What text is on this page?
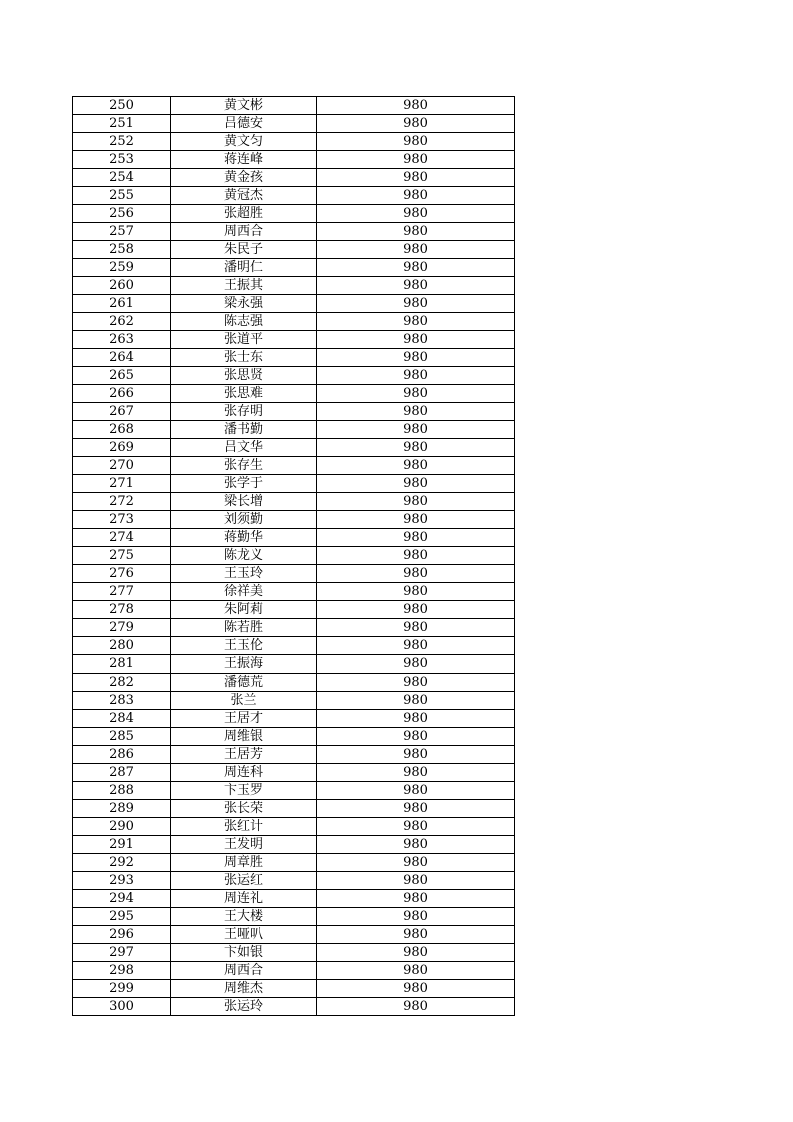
250	黄文彬	980
251	吕德安	980
252	黄文匀	980
253	蒋连峰	980
254	黄金孩	980
255	黄冠杰	980
256	张超胜	980
257	周西合	980
258	朱民子	980
259	潘明仁	980
260	王振其	980
261	梁永强	980
262	陈志强	980
263	张道平	980
264	张士东	980
265	张思贤	980
266	张思难	980
267	张存明	980
268	潘书勤	980
269	吕文华	980
270	张存生	980
271	张学于	980
272	梁长增	980
273	刘须勤	980
274	蒋勤华	980
275	陈龙义	980
276	王玉玲	980
277	徐祥美	980
278	朱阿莉	980
279	陈若胜	980
280	王玉伦	980
281	王振海	980
282	潘德荒	980
283	张兰	980
284	王居才	980
285	周维银	980
286	王居芳	980
287	周连科	980
288	卞玉罗	980
289	张长荣	980
290	张红计	980
291	王发明	980
292	周章胜	980
293	张运红	980
294	周连礼	980
295	王大楼	980
296	王哑叭	980
297	卞如银	980
298	周西合	980
299	周维杰	980
300	张运玲	980
